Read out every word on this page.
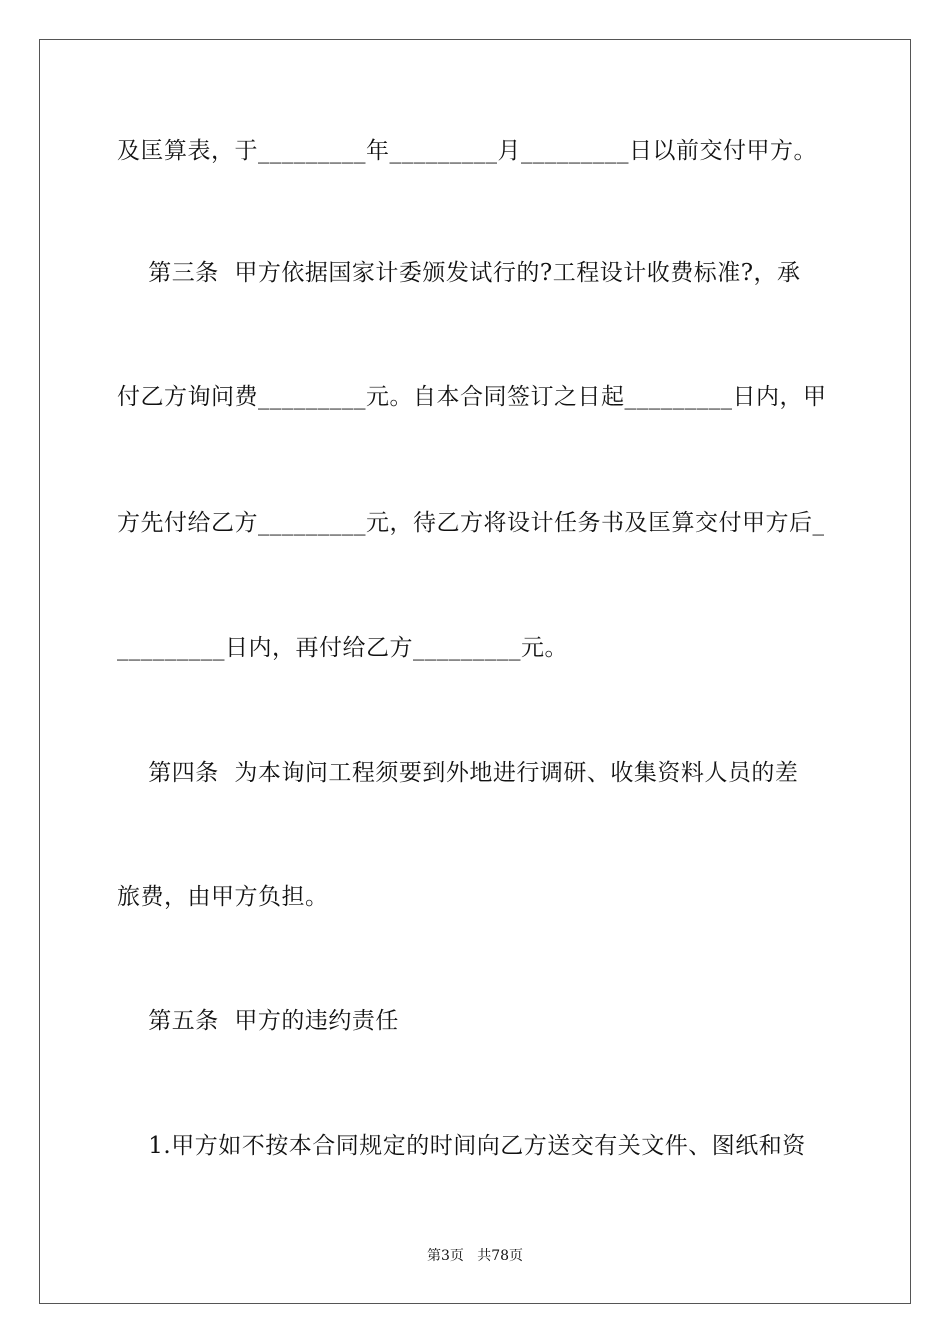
及匡算表，于_________年_________月_________日以前交付甲方。
第三条  甲方依据国家计委颁发试行的?工程设计收费标准?，承
付乙方询问费_________元。自本合同签订之日起_________日内，甲
方先付给乙方_________元，待乙方将设计任务书及匡算交付甲方后_
_________日内，再付给乙方_________元。
第四条  为本询问工程须要到外地进行调研、收集资料人员的差
旅费，由甲方负担。
第五条  甲方的违约责任
1.甲方如不按本合同规定的时间向乙方送交有关文件、图纸和资
第3页   共78页
